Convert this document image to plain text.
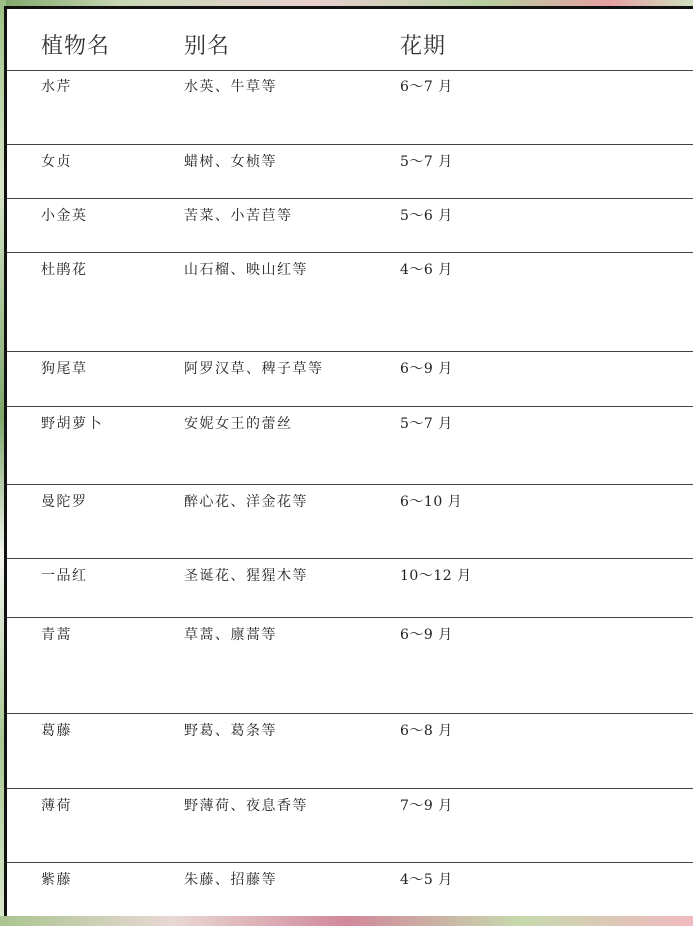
植物名	别名	花期
水芹	水英、牛草等	6～7 月
女贞	蜡树、女桢等	5～7 月
小金英	苦菜、小苦苣等	5～6 月
杜鹃花	山石榴、映山红等	4～6 月
狗尾草	阿罗汉草、稗子草等	6～9 月
野胡萝卜	安妮女王的蕾丝	5～7 月
曼陀罗	醉心花、洋金花等	6～10 月
一品红	圣诞花、猩猩木等	10～12 月
青蒿	草蒿、廪蒿等	6～9 月
葛藤	野葛、葛条等	6～8 月
薄荷	野薄荷、夜息香等	7～9 月
紫藤	朱藤、招藤等	4～5 月
